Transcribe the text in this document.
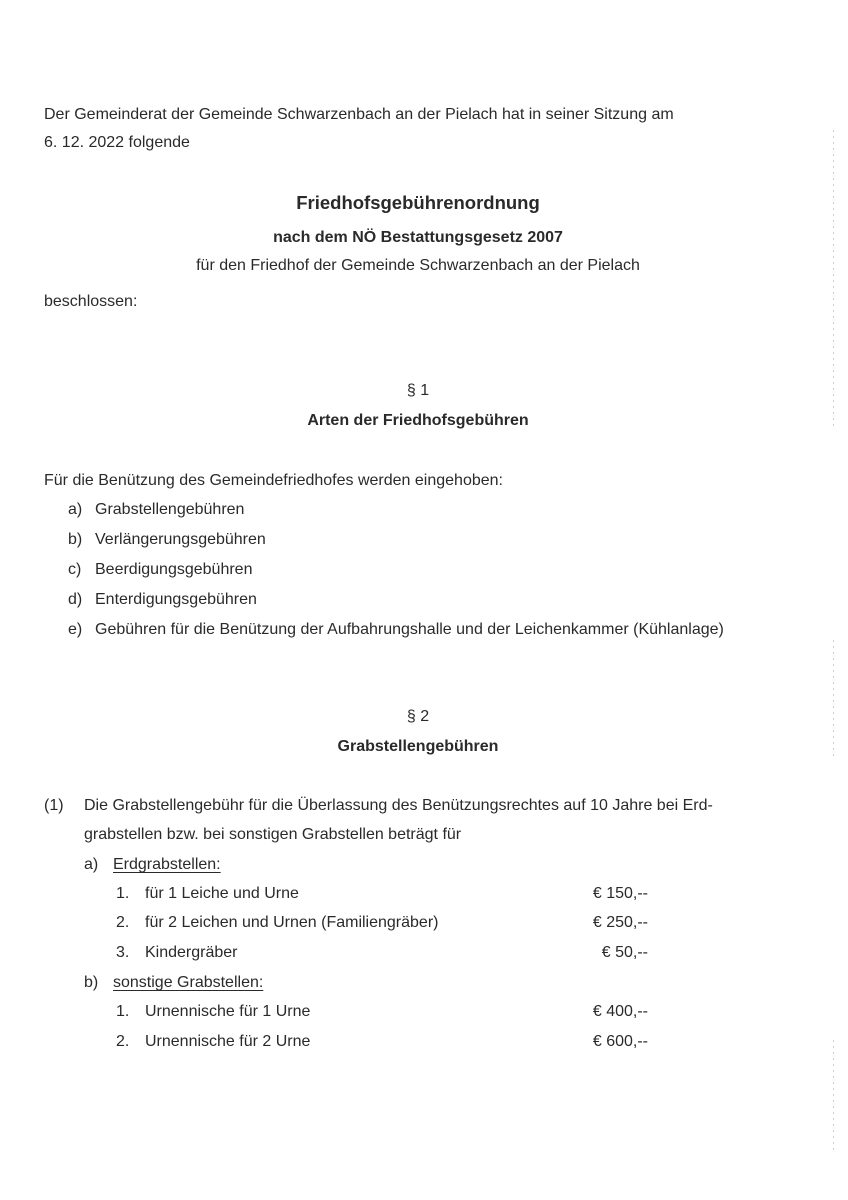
Der Gemeinderat der Gemeinde Schwarzenbach an der Pielach hat in seiner Sitzung am
6. 12. 2022 folgende
Friedhofsgebührenordnung
nach dem NÖ Bestattungsgesetz 2007
für den Friedhof der Gemeinde Schwarzenbach an der Pielach
beschlossen:
§ 1
Arten der Friedhofsgebühren
Für die Benützung des Gemeindefriedhofes werden eingehoben:
a) Grabstellengebühren
b) Verlängerungsgebühren
c) Beerdigungsgebühren
d) Enterdigungsgebühren
e) Gebühren für die Benützung der Aufbahrungshalle und der Leichenkammer (Kühlanlage)
§ 2
Grabstellengebühren
(1) Die Grabstellengebühr für die Überlassung des Benützungsrechtes auf 10 Jahre bei Erd-
grabstellen bzw. bei sonstigen Grabstellen beträgt für
a) Erdgrabstellen:
1. für 1 Leiche und Urne	€ 150,--
2. für 2 Leichen und Urnen (Familiengräber)	€ 250,--
3. Kindergräber	€ 50,--
b) sonstige Grabstellen:
1. Urnennische für 1 Urne	€ 400,--
2. Urnennische für 2 Urne	€ 600,--
